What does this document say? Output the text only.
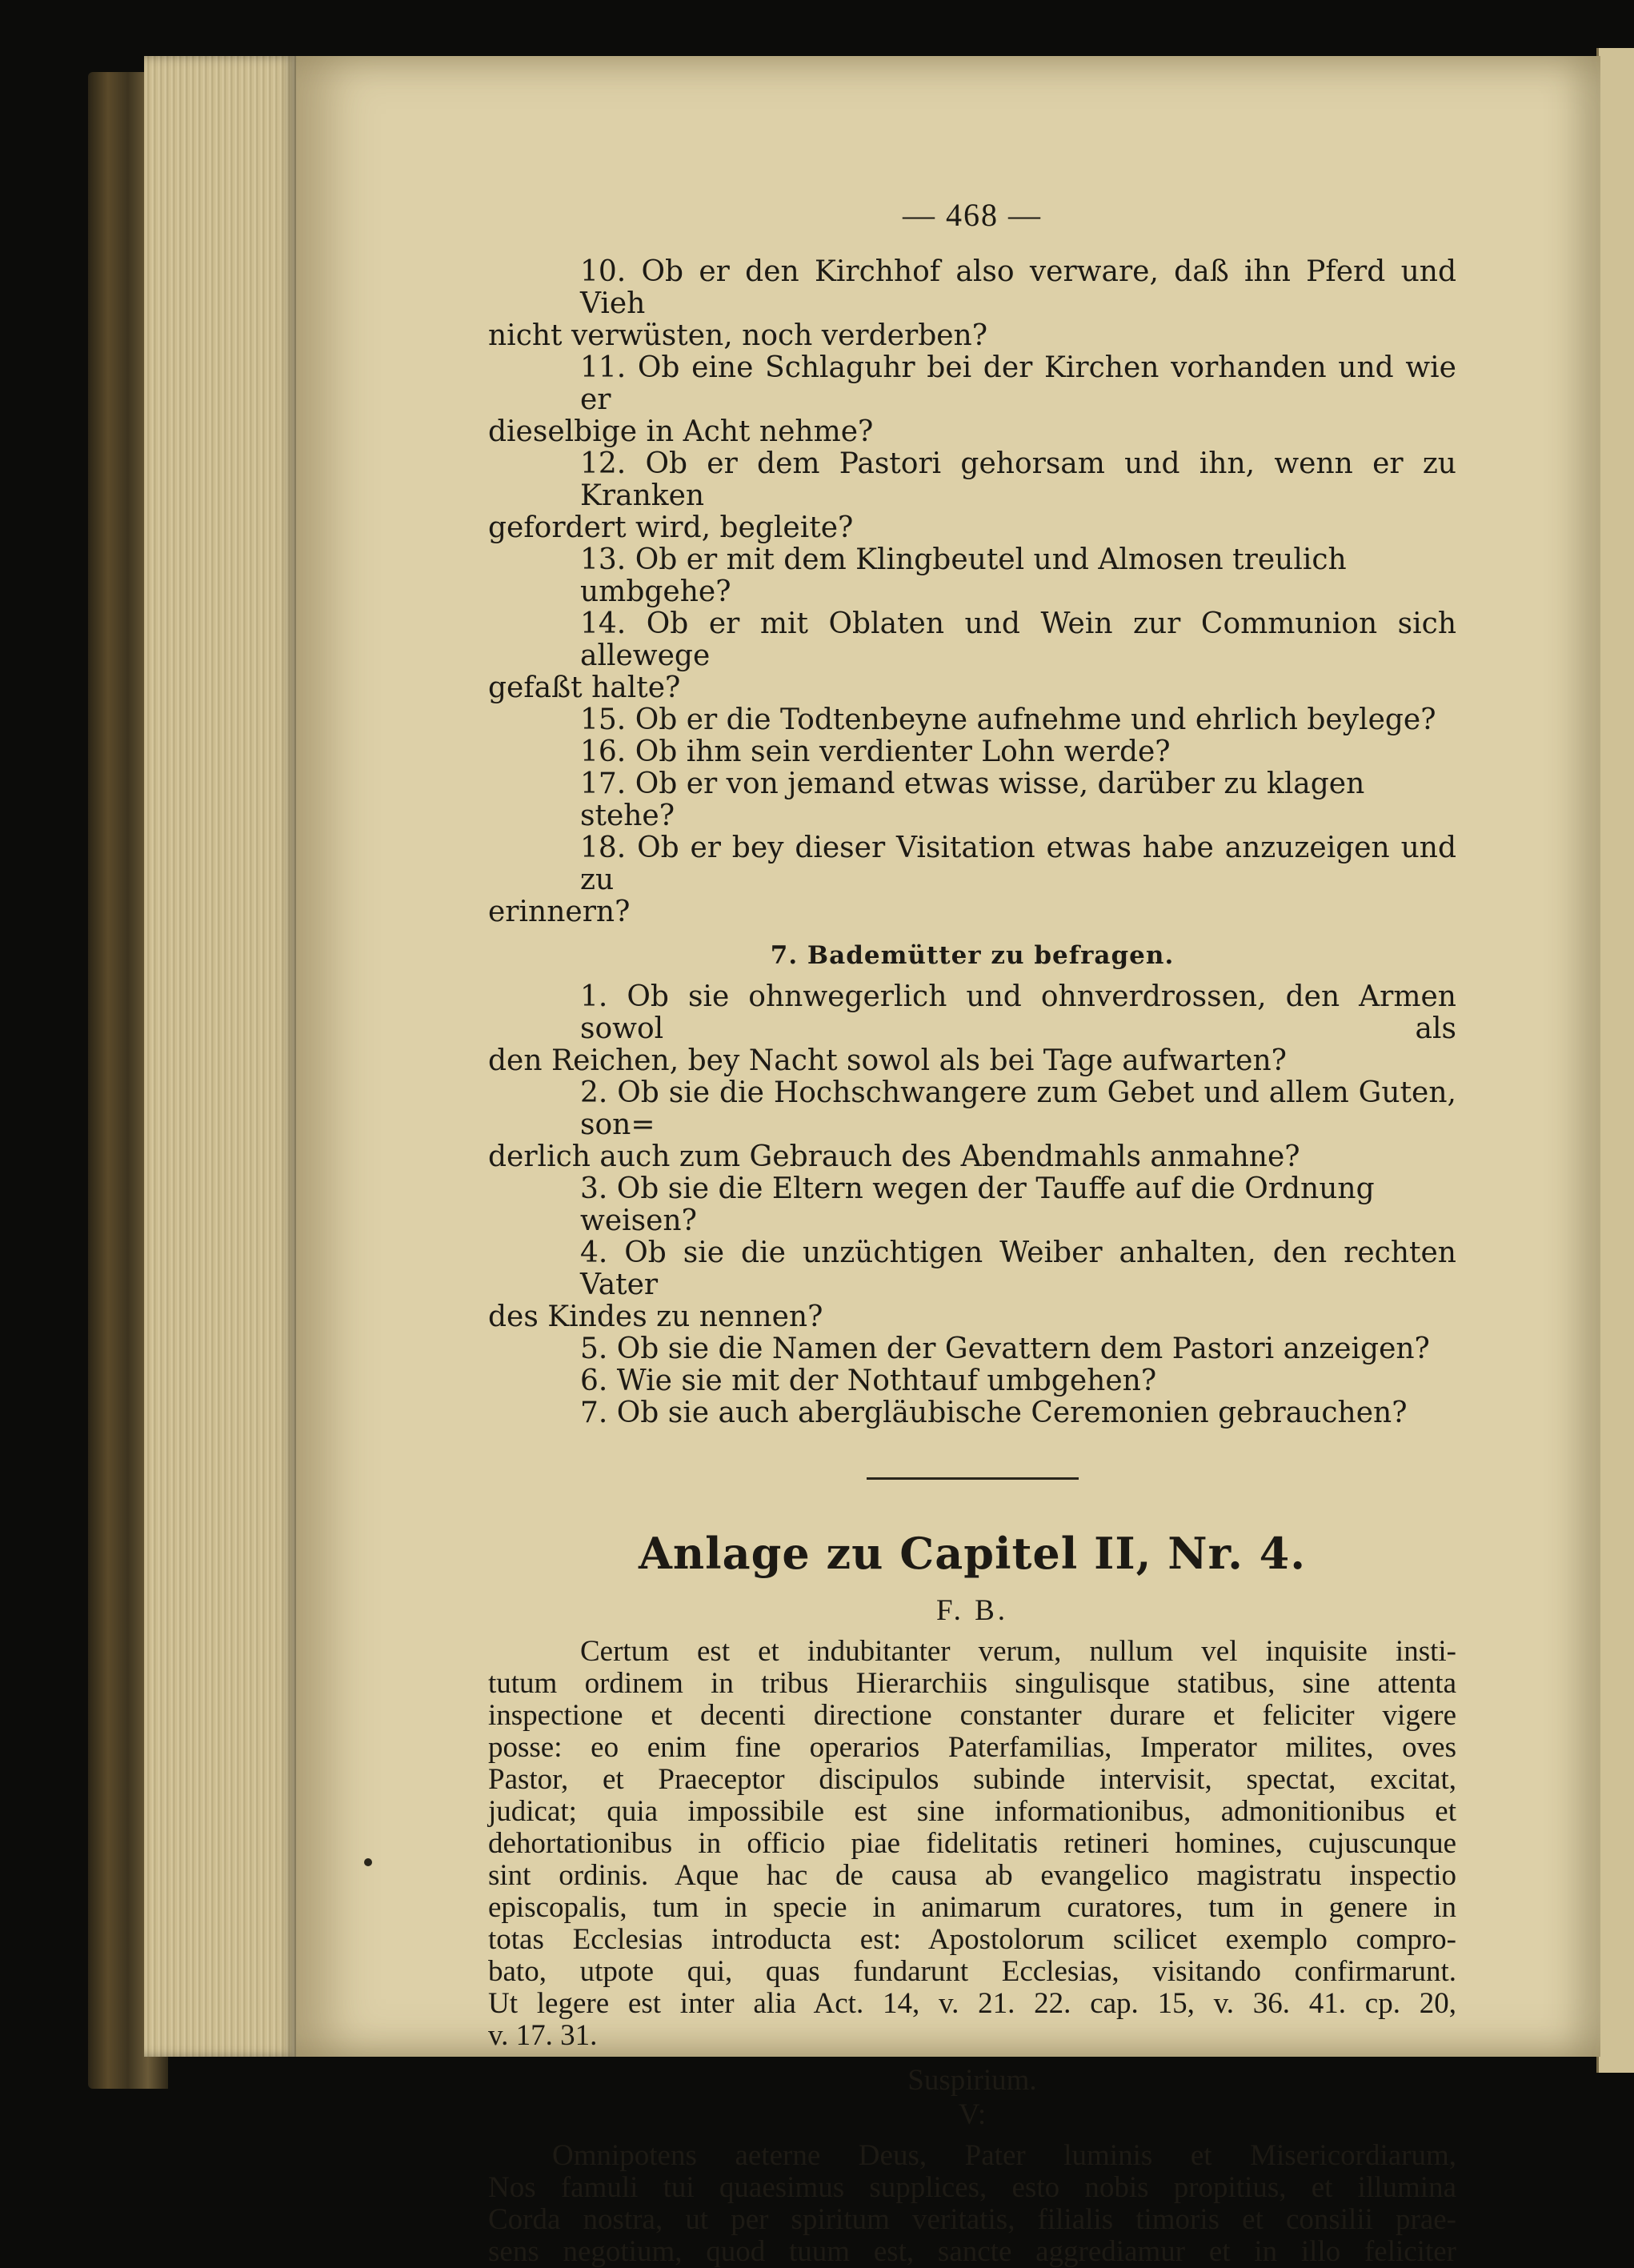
— 468 —
10. Ob er den Kirchhof also verware, daß ihn Pferd und Vieh
nicht verwüsten, noch verderben?
11. Ob eine Schlaguhr bei der Kirchen vorhanden und wie er
dieselbige in Acht nehme?
12. Ob er dem Pastori gehorsam und ihn, wenn er zu Kranken
gefordert wird, begleite?
13. Ob er mit dem Klingbeutel und Almosen treulich umbgehe?
14. Ob er mit Oblaten und Wein zur Communion sich allewege
gefaßt halte?
15. Ob er die Todtenbeyne aufnehme und ehrlich beylege?
16. Ob ihm sein verdienter Lohn werde?
17. Ob er von jemand etwas wisse, darüber zu klagen stehe?
18. Ob er bey dieser Visitation etwas habe anzuzeigen und zu
erinnern?
7. Bademütter zu befragen.
1. Ob sie ohnwegerlich und ohnverdrossen, den Armen sowol als
den Reichen, bey Nacht sowol als bei Tage aufwarten?
2. Ob sie die Hochschwangere zum Gebet und allem Guten, son=
derlich auch zum Gebrauch des Abendmahls anmahne?
3. Ob sie die Eltern wegen der Tauffe auf die Ordnung weisen?
4. Ob sie die unzüchtigen Weiber anhalten, den rechten Vater
des Kindes zu nennen?
5. Ob sie die Namen der Gevattern dem Pastori anzeigen?
6. Wie sie mit der Nothtauf umbgehen?
7. Ob sie auch abergläubische Ceremonien gebrauchen?
Anlage zu Capitel II, Nr. 4.
F. B.
Certum est et indubitanter verum, nullum vel inquisite insti-
tutum ordinem in tribus Hierarchiis singulisque statibus, sine attenta
inspectione et decenti directione constanter durare et feliciter vigere
posse: eo enim fine operarios Paterfamilias, Imperator milites, oves
Pastor, et Praeceptor discipulos subinde intervisit, spectat, excitat,
judicat; quia impossibile est sine informationibus, admonitionibus et
dehortationibus in officio piae fidelitatis retineri homines, cujuscunque
sint ordinis. Aque hac de causa ab evangelico magistratu inspectio
episcopalis, tum in specie in animarum curatores, tum in genere in
totas Ecclesias introducta est: Apostolorum scilicet exemplo compro-
bato, utpote qui, quas fundarunt Ecclesias, visitando confirmarunt.
Ut legere est inter alia Act. 14, v. 21. 22. cap. 15, v. 36. 41. cp. 20,
v. 17. 31.
Suspirium.
V:
Omnipotens aeterne Deus, Pater luminis et Misericordiarum,
Nos famuli tui quaesimus supplices, esto nobis propitius, et illumina
Corda nostra, ut per spiritum veritatis, filialis timoris et consilii prae-
sens negotium, quod tuum est, sancte aggrediamur et in illo feliciter
